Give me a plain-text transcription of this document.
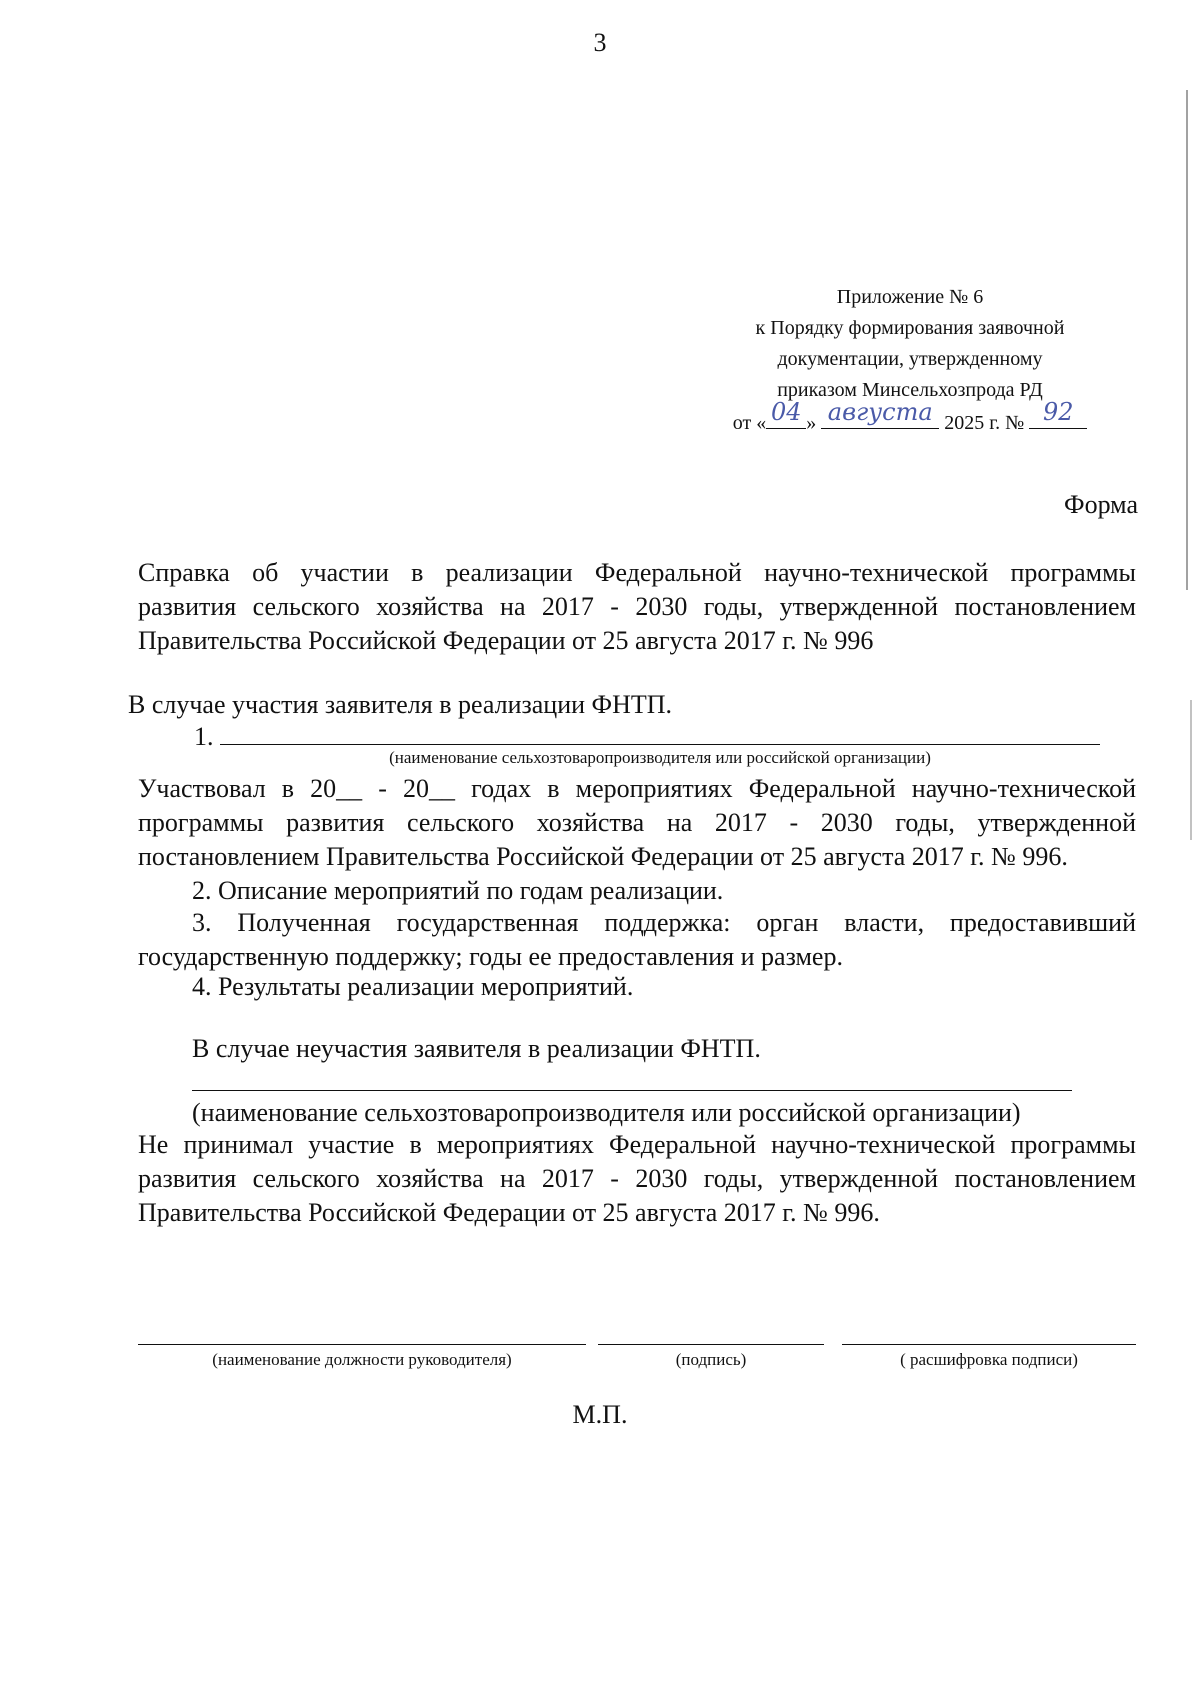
3
Приложение № 6
к Порядку формирования заявочной
документации, утвержденному
приказом Минсельхозпрода РД
от « 04 » августа 2025 г. № 92
Форма
Справка об участии в реализации Федеральной научно-технической программы
развития сельского хозяйства на 2017 - 2030 годы, утвержденной постановлением
Правительства Российской Федерации от 25 августа 2017 г. № 996
В случае участия заявителя в реализации ФНТП.
1.
(наименование сельхозтоваропроизводителя или российской организации)
Участвовал в 20__ - 20__ годах в мероприятиях Федеральной научно-технической
программы развития сельского хозяйства на 2017 - 2030 годы, утвержденной
постановлением Правительства Российской Федерации от 25 августа 2017 г. № 996.
2. Описание мероприятий по годам реализации.
3. Полученная государственная поддержка: орган власти, предоставивший
государственную поддержку; годы ее предоставления и размер.
4. Результаты реализации мероприятий.
В случае неучастия заявителя в реализации ФНТП.
(наименование сельхозтоваропроизводителя или российской организации)
Не принимал участие в мероприятиях Федеральной научно-технической программы
развития сельского хозяйства на 2017 - 2030 годы, утвержденной постановлением
Правительства Российской Федерации от 25 августа 2017 г. № 996.
(наименование должности руководителя)	(подпись)	( расшифровка подписи)
М.П.
